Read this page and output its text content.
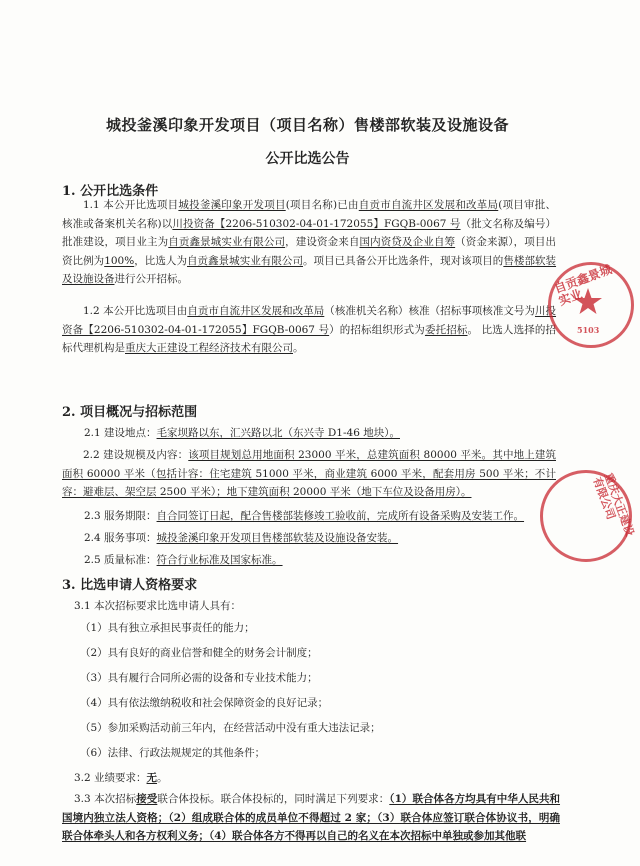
城投釜溪印象开发项目（项目名称）售楼部软装及设施设备
公开比选公告
1. 公开比选条件
1.1 本公开比选项目城投釜溪印象开发项目(项目名称)已由自贡市自流井区发展和改革局(项目审批、核准或备案机关名称)以川投资备【2206-510302-04-01-172055】FGQB-0067 号（批文名称及编号）批准建设，项目业主为自贡鑫景城实业有限公司，建设资金来自国内资贷及企业自筹（资金来源），项目出资比例为100%，比选人为自贡鑫景城实业有限公司。项目已具备公开比选条件，现对该项目的售楼部软装及设施设备进行公开招标。
1.2 本公开比选项目由自贡市自流井区发展和改革局（核准机关名称）核准（招标事项核准文号为川投资备【2206-510302-04-01-172055】FGQB-0067 号）的招标组织形式为委托招标。 比选人选择的招标代理机构是重庆大正建设工程经济技术有限公司。
2. 项目概况与招标范围
2.1 建设地点：毛家坝路以东，汇兴路以北（东兴寺 D1-46 地块）。
2.2 建设规模及内容：该项目规划总用地面积 23000 平米，总建筑面积 80000 平米。其中地上建筑面积 60000 平米（包括计容：住宅建筑 51000 平米，商业建筑 6000 平米，配套用房 500 平米；不计容：避难层、架空层 2500 平米）；地下建筑面积 20000 平米（地下车位及设备用房）。
2.3 服务期限：自合同签订日起，配合售楼部装修竣工验收前，完成所有设备采购及安装工作。
2.4 服务事项：城投釜溪印象开发项目售楼部软装及设施设备安装。
2.5 质量标准：符合行业标准及国家标准。
3. 比选申请人资格要求
3.1 本次招标要求比选申请人具有：
（1）具有独立承担民事责任的能力；
（2）具有良好的商业信誉和健全的财务会计制度；
（3）具有履行合同所必需的设备和专业技术能力；
（4）具有依法缴纳税收和社会保障资金的良好记录；
（5）参加采购活动前三年内，在经营活动中没有重大违法记录；
（6）法律、行政法规规定的其他条件；
3.2 业绩要求：无。
3.3 本次招标接受联合体投标。联合体投标的，同时满足下列要求：（1）联合体各方均具有中华人民共和国境内独立法人资格；（2）组成联合体的成员单位不得超过 2 家；（3）联合体应签订联合体协议书，明确联合体牵头人和各方权利义务；（4）联合体各方不得再以自己的名义在本次招标中单独或参加其他联
自贡鑫景城实业
5103
重庆大正建设有限公司
